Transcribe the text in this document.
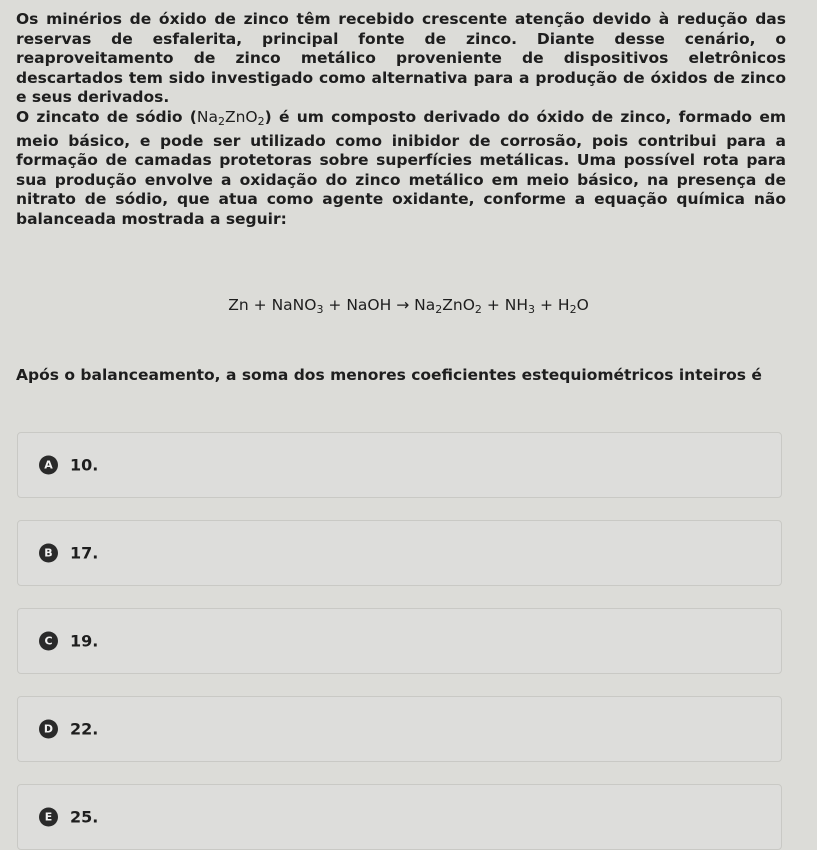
Os minérios de óxido de zinco têm recebido crescente atenção devido à redução das reservas de esfalerita, principal fonte de zinco. Diante desse cenário, o reaproveitamento de zinco metálico proveniente de dispositivos eletrônicos descartados tem sido investigado como alternativa para a produção de óxidos de zinco e seus derivados.

O zincato de sódio $(Na_2ZnO_2)$ é um composto derivado do óxido de zinco, formado em meio básico, e pode ser utilizado como inibidor de corrosão, pois contribui para a formação de camadas protetoras sobre superfícies metálicas. Uma possível rota para sua produção envolve a oxidação do zinco metálico em meio básico, na presença de nitrato de sódio, que atua como agente oxidante, conforme a equação química não balanceada mostrada a seguir:

Zn + NaNO$_3$ + NaOH → $Na_2ZnO_2 + NH_3 + H_2O$
Após o balanceamento, a soma dos menores coeficientes estequiométricos inteiros é
A	10.
B	17.
C	19.
D	22.
E	25.
